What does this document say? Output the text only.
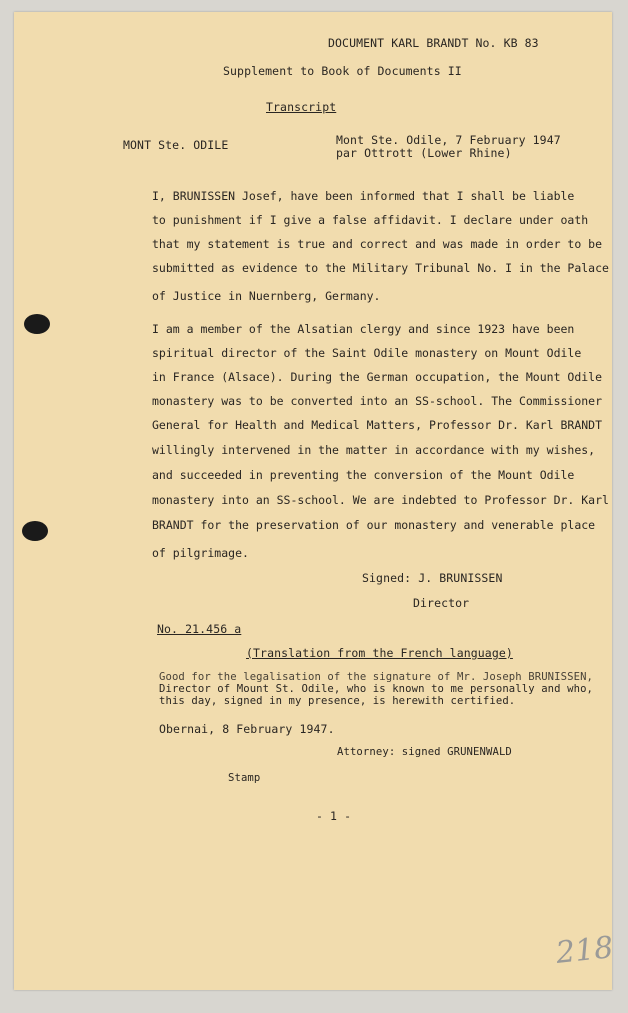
DOCUMENT KARL BRANDT No. KB 83
Supplement to Book of Documents II
Transcript
MONT Ste. ODILE	Mont Ste. Odile, 7 February 1947
par Ottrott (Lower Rhine)
I, BRUNISSEN Josef, have been informed that I shall be liable
to punishment if I give a false affidavit. I declare under oath
that my statement is true and correct and was made in order to be
submitted as evidence to the Military Tribunal No. I in the Palace
of Justice in Nuernberg, Germany.
I am a member of the Alsatian clergy and since 1923 have been
spiritual director of the Saint Odile monastery on Mount Odile
in France (Alsace). During the German occupation, the Mount Odile
monastery was to be converted into an SS-school. The Commissioner
General for Health and Medical Matters, Professor Dr. Karl BRANDT
willingly intervened in the matter in accordance with my wishes,
and succeeded in preventing the conversion of the Mount Odile
monastery into an SS-school. We are indebted to Professor Dr. Karl
BRANDT for the preservation of our monastery and venerable place
of pilgrimage.
Signed: J. BRUNISSEN
Director
No. 21.456 a
(Translation from the French language)
Good for the legalisation of the signature of Mr. Joseph BRUNISSEN,
Director of Mount St. Odile, who is known to me personally and who,
this day, signed in my presence, is herewith certified.
Obernai, 8 February 1947.
Attorney: signed GRUNENWALD
Stamp
- 1 -
218
